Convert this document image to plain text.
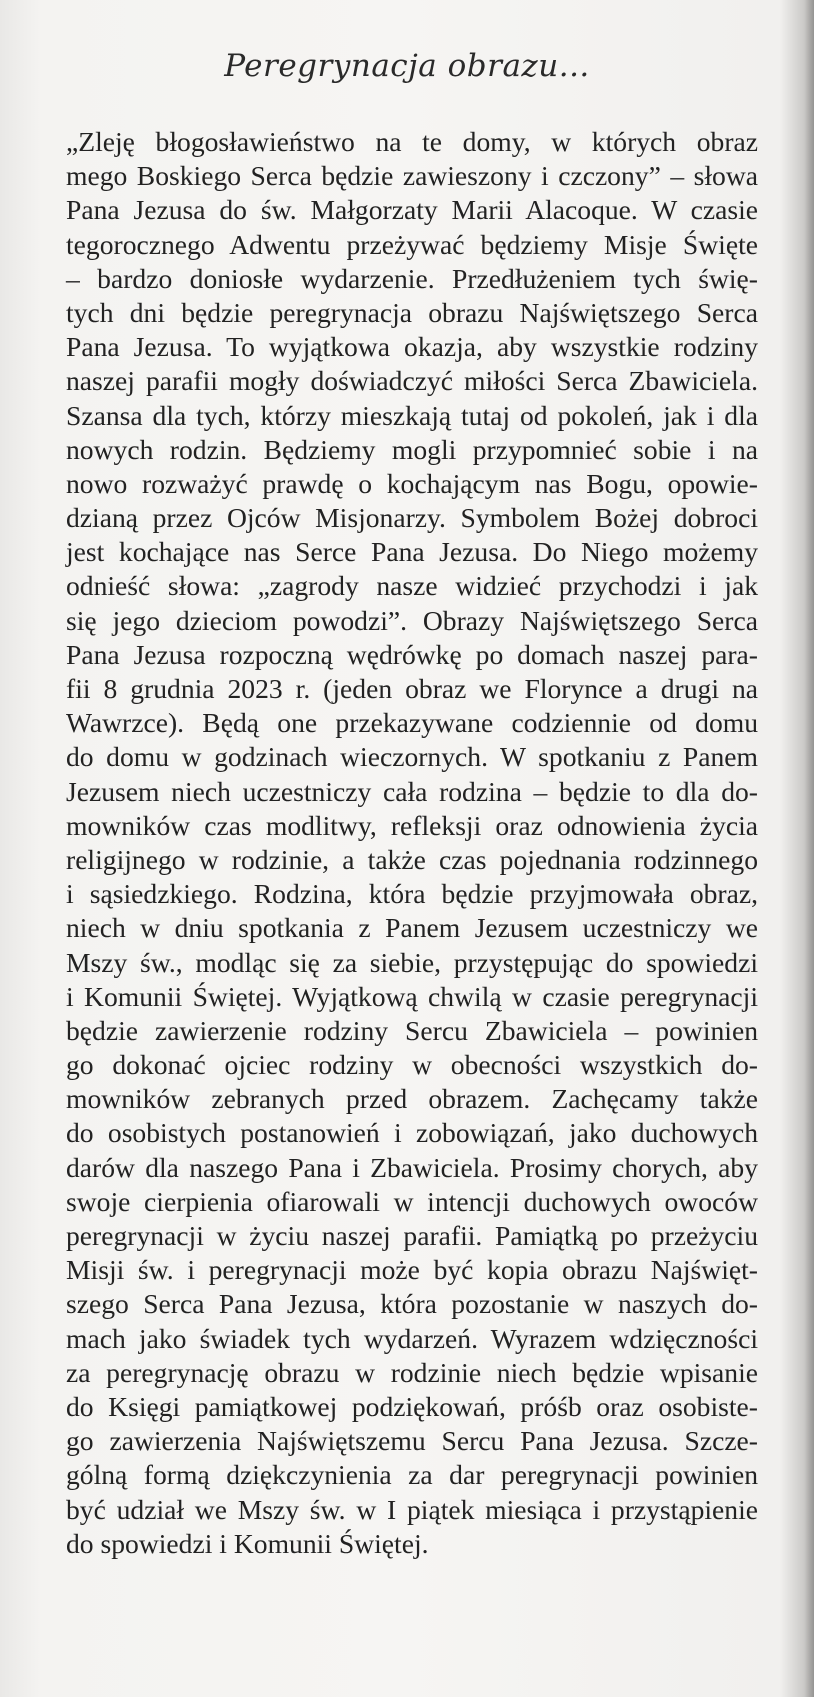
Peregrynacja obrazu...
„Zleję błogosławieństwo na te domy, w których obraz
mego Boskiego Serca będzie zawieszony i czczony” – słowa
Pana Jezusa do św. Małgorzaty Marii Alacoque. W czasie
tegorocznego Adwentu przeżywać będziemy Misje Święte
– bardzo doniosłe wydarzenie. Przedłużeniem tych świę-
tych dni będzie peregrynacja obrazu Najświętszego Serca
Pana Jezusa. To wyjątkowa okazja, aby wszystkie rodziny
naszej parafii mogły doświadczyć miłości Serca Zbawiciela.
Szansa dla tych, którzy mieszkają tutaj od pokoleń, jak i dla
nowych rodzin. Będziemy mogli przypomnieć sobie i na
nowo rozważyć prawdę o kochającym nas Bogu, opowie-
dzianą przez Ojców Misjonarzy. Symbolem Bożej dobroci
jest kochające nas Serce Pana Jezusa. Do Niego możemy
odnieść słowa: „zagrody nasze widzieć przychodzi i jak
się jego dzieciom powodzi”. Obrazy Najświętszego Serca
Pana Jezusa rozpoczną wędrówkę po domach naszej para-
fii 8 grudnia 2023 r. (jeden obraz we Florynce a drugi na
Wawrzce). Będą one przekazywane codziennie od domu
do domu w godzinach wieczornych. W spotkaniu z Panem
Jezusem niech uczestniczy cała rodzina – będzie to dla do-
mowników czas modlitwy, refleksji oraz odnowienia życia
religijnego w rodzinie, a także czas pojednania rodzinnego
i sąsiedzkiego. Rodzina, która będzie przyjmowała obraz,
niech w dniu spotkania z Panem Jezusem uczestniczy we
Mszy św., modląc się za siebie, przystępując do spowiedzi
i Komunii Świętej. Wyjątkową chwilą w czasie peregrynacji
będzie zawierzenie rodziny Sercu Zbawiciela – powinien
go dokonać ojciec rodziny w obecności wszystkich do-
mowników zebranych przed obrazem. Zachęcamy także
do osobistych postanowień i zobowiązań, jako duchowych
darów dla naszego Pana i Zbawiciela. Prosimy chorych, aby
swoje cierpienia ofiarowali w intencji duchowych owoców
peregrynacji w życiu naszej parafii. Pamiątką po przeżyciu
Misji św. i peregrynacji może być kopia obrazu Najświęt-
szego Serca Pana Jezusa, która pozostanie w naszych do-
mach jako świadek tych wydarzeń. Wyrazem wdzięczności
za peregrynację obrazu w rodzinie niech będzie wpisanie
do Księgi pamiątkowej podziękowań, próśb oraz osobiste-
go zawierzenia Najświętszemu Sercu Pana Jezusa. Szcze-
gólną formą dziękczynienia za dar peregrynacji powinien
być udział we Mszy św. w I piątek miesiąca i przystąpienie
do spowiedzi i Komunii Świętej.
